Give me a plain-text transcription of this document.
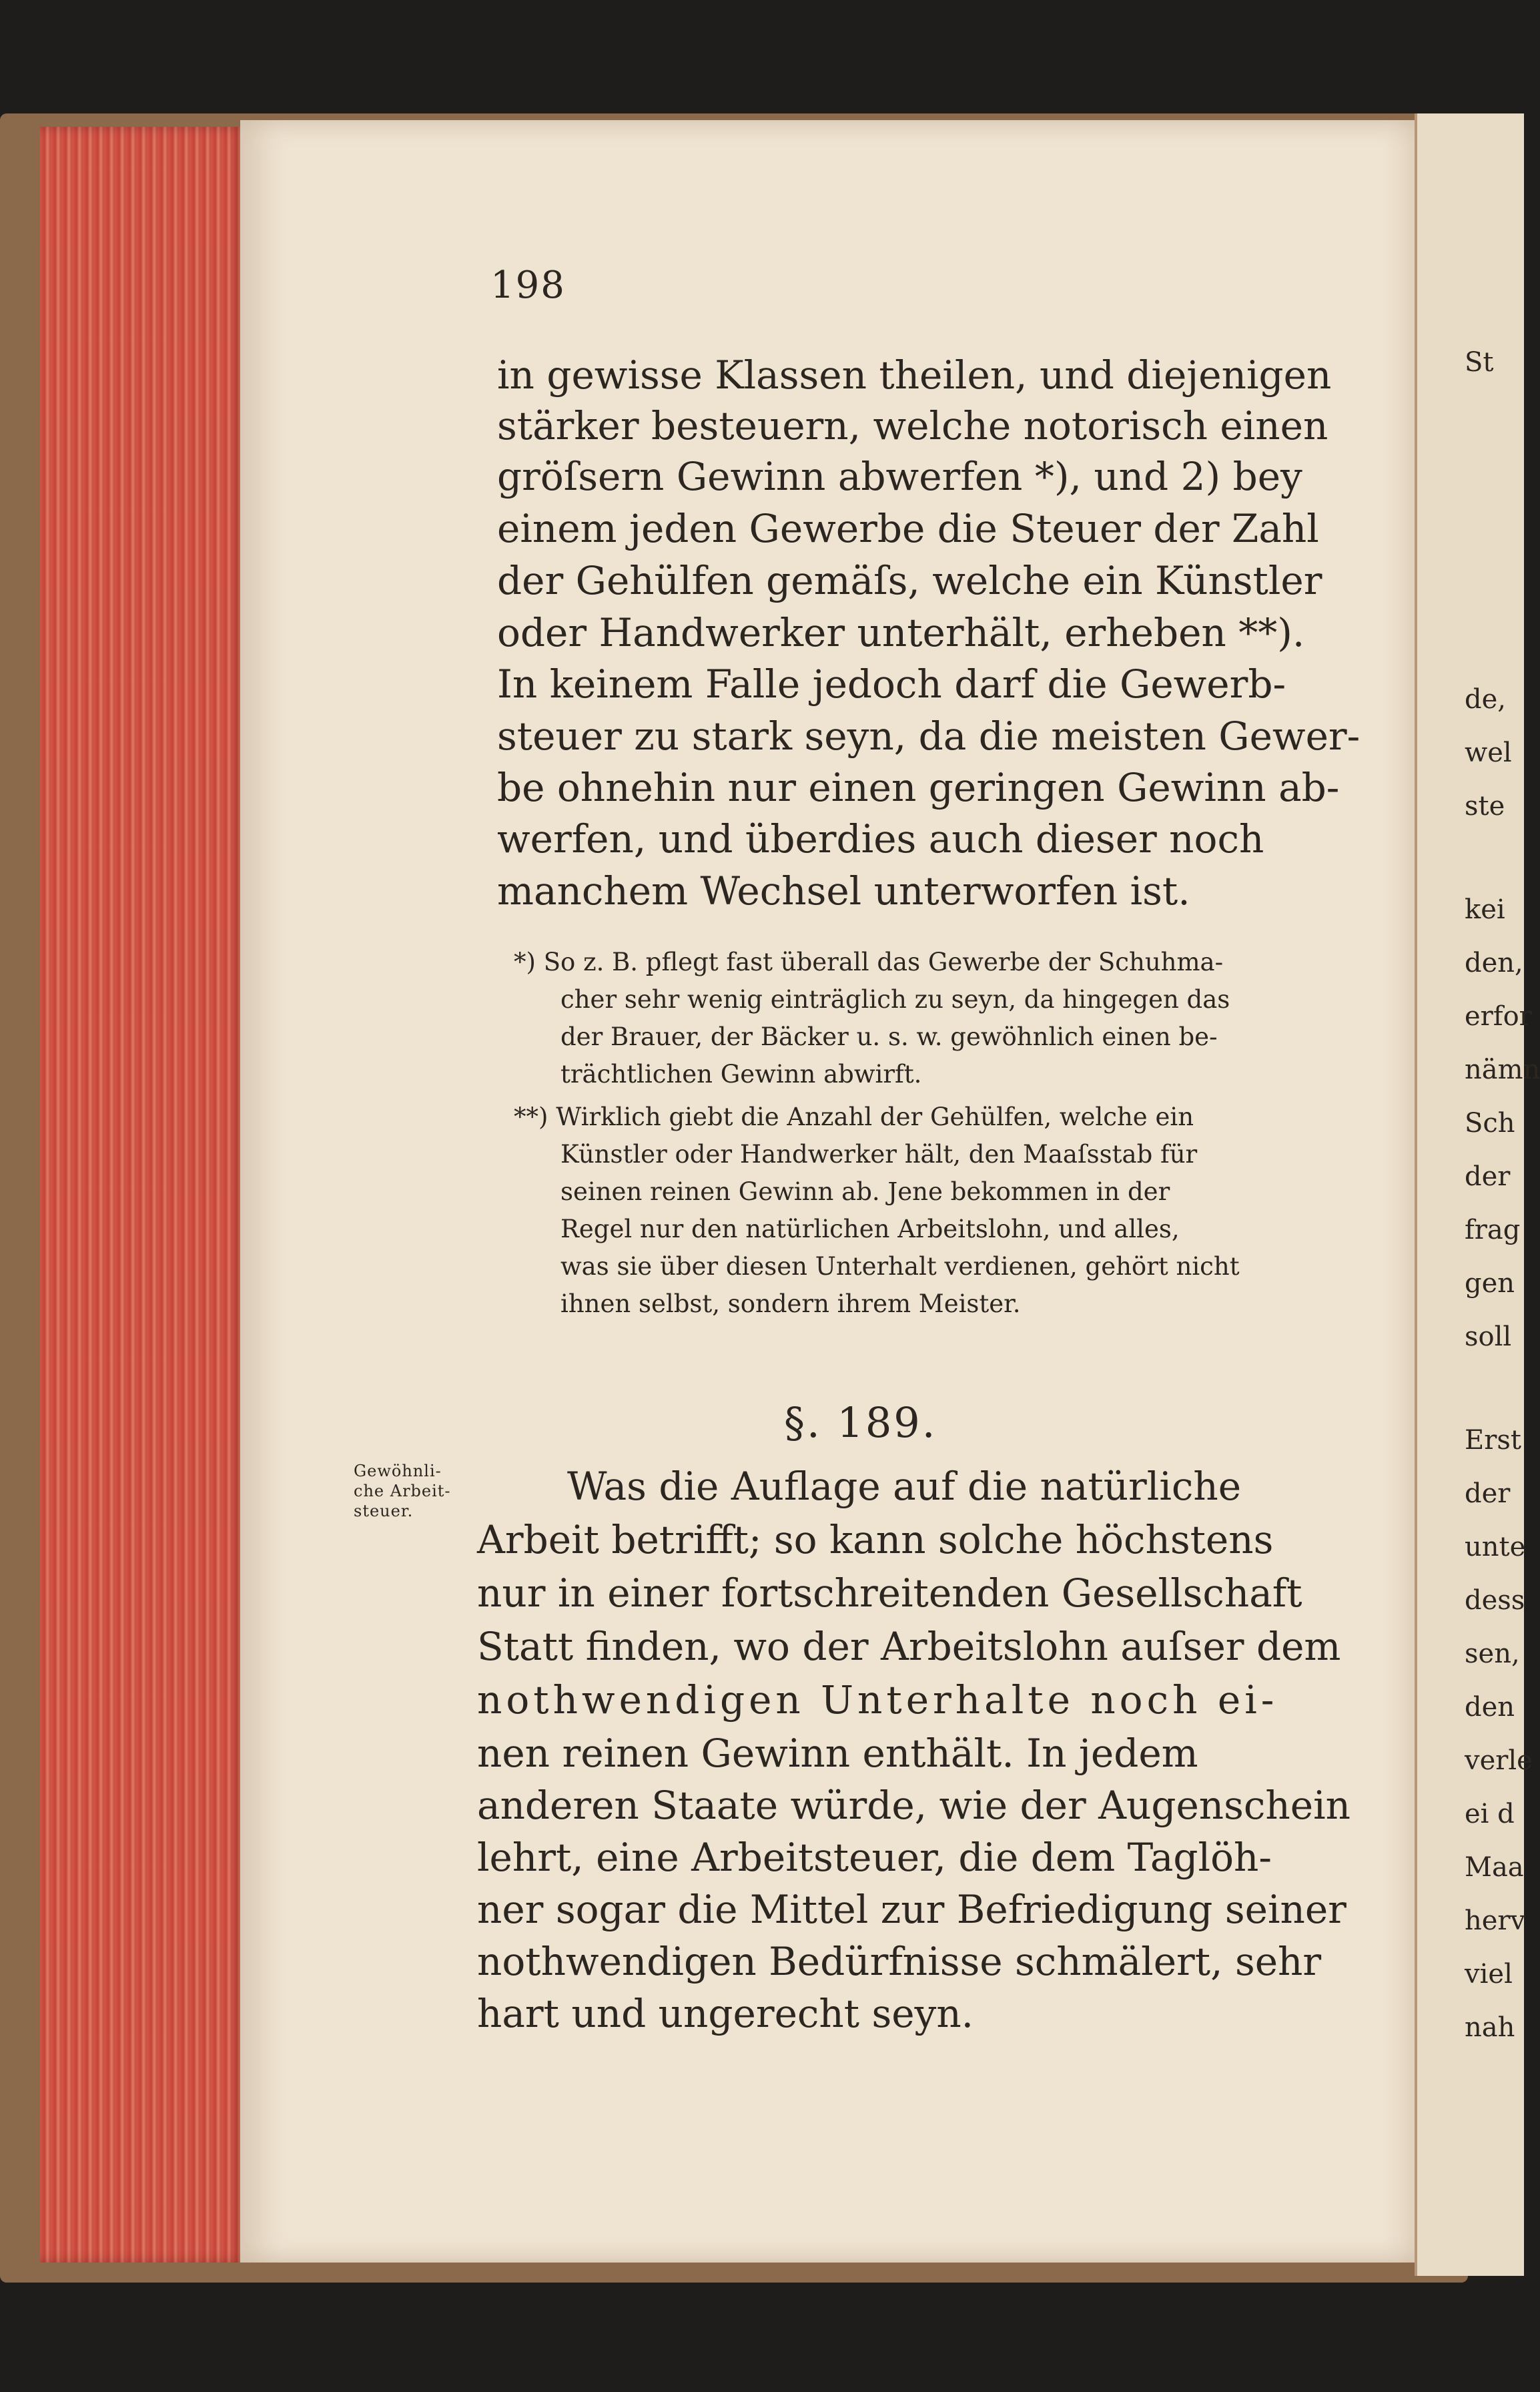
198

in gewisse Klassen theilen, und diejenigen

stärker besteuern, welche notorisch einen

gröſsern Gewinn abwerfen *), und 2) bey

einem jeden Gewerbe die Steuer der Zahl

der Gehülfen gemäſs, welche ein Künstler

oder Handwerker unterhält, erheben **).

In keinem Falle jedoch darf die Gewerb-

steuer zu stark seyn, da die meisten Gewer-

be ohnehin nur einen geringen Gewinn ab-

werfen, und überdies auch dieser noch

manchem Wechsel unterworfen ist.

*) So z. B. pflegt fast überall das Gewerbe der Schuhma-

cher sehr wenig einträglich zu seyn, da hingegen das

der Brauer, der Bäcker u. s. w. gewöhnlich einen be-

trächtlichen Gewinn abwirft.

**) Wirklich giebt die Anzahl der Gehülfen, welche ein

Künstler oder Handwerker hält, den Maaſsstab für

seinen reinen Gewinn ab. Jene bekommen in der

Regel nur den natürlichen Arbeitslohn, und alles,

was sie über diesen Unterhalt verdienen, gehört nicht

ihnen selbst, sondern ihrem Meister.

§. 189.

Gewöhnli-

che Arbeit-

steuer.

Was die Auflage auf die natürliche

Arbeit betrifft; so kann solche höchstens

nur in einer fortschreitenden Gesellschaft

Statt finden, wo der Arbeitslohn auſser dem

nothwendigen Unterhalte noch ei-

nen reinen Gewinn enthält. In jedem

anderen Staate würde, wie der Augenschein

lehrt, eine Arbeitsteuer, die dem Taglöh-

ner sogar die Mittel zur Befriedigung seiner

nothwendigen Bedürfnisse schmälert, sehr

hart und ungerecht seyn.

St

de,

wel

ste

kei

den,

erfor

nämn

Sch

der

frag

gen

soll

Erst

der

unte

dess

sen,

den

verle

ei d

Maa

herv

viel

nah
